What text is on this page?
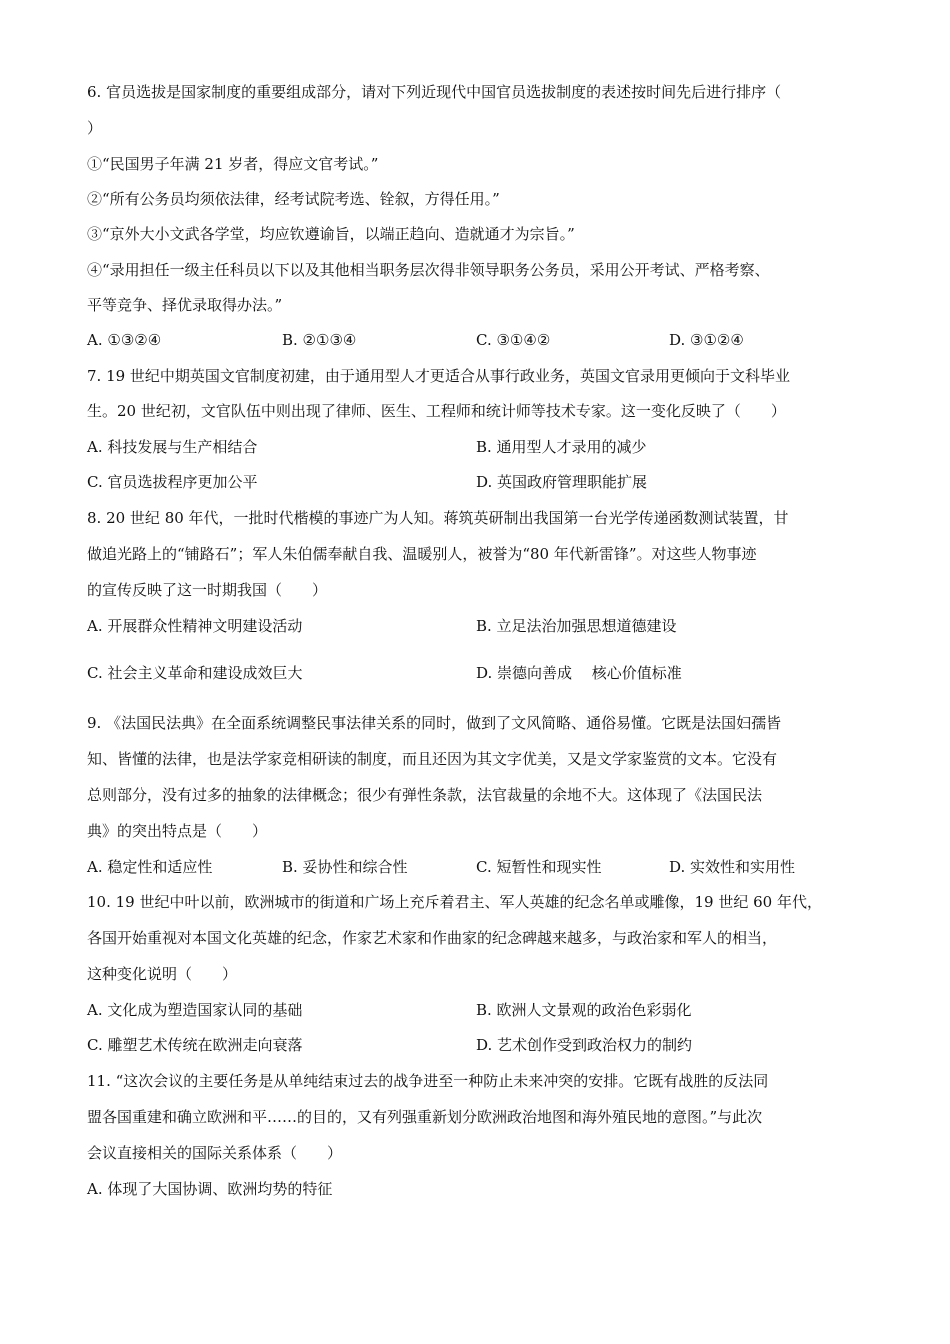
6. 官员选拔是国家制度的重要组成部分，请对下列近现代中国官员选拔制度的表述按时间先后进行排序（
）
①“民国男子年满 21 岁者，得应文官考试。”
②“所有公务员均须依法律，经考试院考选、铨叙，方得任用。”
③“京外大小文武各学堂，均应钦遵谕旨，以端正趋向、造就通才为宗旨。”
④“录用担任一级主任科员以下以及其他相当职务层次得非领导职务公务员，采用公开考试、严格考察、
平等竞争、择优录取得办法。”
A. ①③②④	B. ②①③④	C. ③①④②	D. ③①②④
7. 19 世纪中期英国文官制度初建，由于通用型人才更适合从事行政业务，英国文官录用更倾向于文科毕业
生。20 世纪初，文官队伍中则出现了律师、医生、工程师和统计师等技术专家。这一变化反映了（　　）
A. 科技发展与生产相结合	B. 通用型人才录用的减少
C. 官员选拔程序更加公平	D. 英国政府管理职能扩展
8. 20 世纪 80 年代，一批时代楷模的事迹广为人知。蒋筑英研制出我国第一台光学传递函数测试装置，甘
做追光路上的“铺路石”；军人朱伯儒奉献自我、温暖别人，被誉为“80 年代新雷锋”。对这些人物事迹
的宣传反映了这一时期我国（　　）
A. 开展群众性精神文明建设活动	B. 立足法治加强思想道德建设
C. 社会主义革命和建设成效巨大	D. 崇德向善成　 核心价值标准
9. 《法国民法典》在全面系统调整民事法律关系的同时，做到了文风简略、通俗易懂。它既是法国妇孺皆
知、皆懂的法律，也是法学家竞相研读的制度，而且还因为其文字优美，又是文学家鉴赏的文本。它没有
总则部分，没有过多的抽象的法律概念；很少有弹性条款，法官裁量的余地不大。这体现了《法国民法
典》的突出特点是（　　）
A. 稳定性和适应性	B. 妥协性和综合性	C. 短暂性和现实性	D. 实效性和实用性
10. 19 世纪中叶以前，欧洲城市的街道和广场上充斥着君主、军人英雄的纪念名单或雕像，19 世纪 60 年代，
各国开始重视对本国文化英雄的纪念，作家艺术家和作曲家的纪念碑越来越多，与政治家和军人的相当，
这种变化说明（　　）
A. 文化成为塑造国家认同的基础	B. 欧洲人文景观的政治色彩弱化
C. 雕塑艺术传统在欧洲走向衰落	D. 艺术创作受到政治权力的制约
11. “这次会议的主要任务是从单纯结束过去的战争进至一种防止未来冲突的安排。它既有战胜的反法同
盟各国重建和确立欧洲和平……的目的，又有列强重新划分欧洲政治地图和海外殖民地的意图。”与此次
会议直接相关的国际关系体系（　　）
A. 体现了大国协调、欧洲均势的特征
